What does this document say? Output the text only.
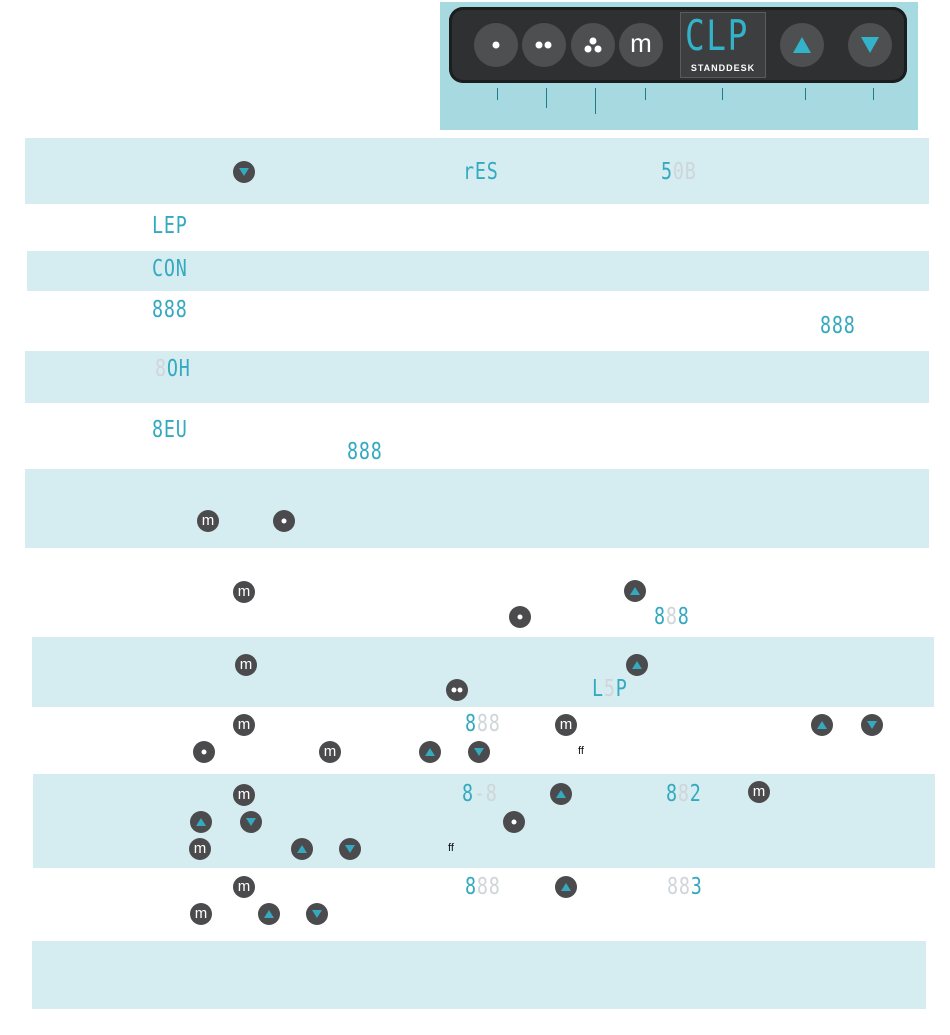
m CLP
STANDDESK
rES	50B
LEP
CON
888
888
8OH
8EU
888
m
m
888
m
L5P
m	888	m
m	ff
m	8-8	882	m
m	ff
m	888	883
m
